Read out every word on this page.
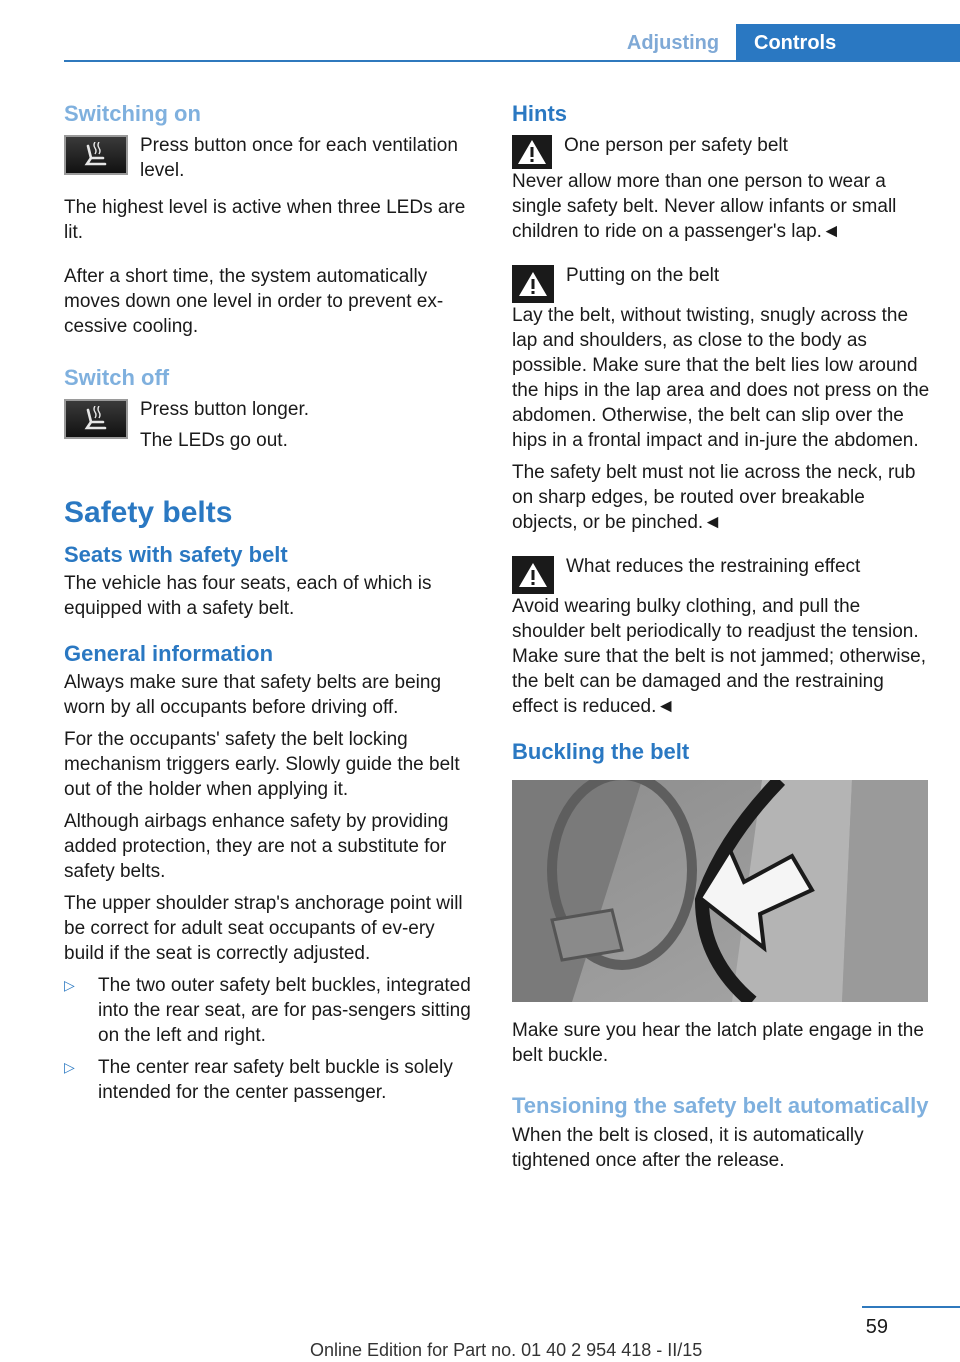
Adjusting	Controls
Switching on

Press button once for each ventilation level.

The highest level is active when three LEDs are lit.

After a short time, the system automatically moves down one level in order to prevent ex‐cessive cooling.

Switch off

Press button longer.

The LEDs go out.

Safety belts
Seats with safety belt

The vehicle has four seats, each of which is equipped with a safety belt.

General information

Always make sure that safety belts are being worn by all occupants before driving off.

For the occupants' safety the belt locking mechanism triggers early. Slowly guide the belt out of the holder when applying it.

Although airbags enhance safety by providing added protection, they are not a substitute for safety belts.

The upper shoulder strap's anchorage point will be correct for adult seat occupants of ev‐ery build if the seat is correctly adjusted.

▷	The two outer safety belt buckles, integrated into the rear seat, are for pas‐sengers sitting on the left and right.
▷	The center rear safety belt buckle is solely intended for the center passenger.
Hints

One person per safety belt

Never allow more than one person to wear a single safety belt. Never allow infants or small children to ride on a passenger's lap.◄

Putting on the belt

Lay the belt, without twisting, snugly across the lap and shoulders, as close to the body as possible. Make sure that the belt lies low around the hips in the lap area and does not press on the abdomen. Otherwise, the belt can slip over the hips in a frontal impact and in‐jure the abdomen.

The safety belt must not lie across the neck, rub on sharp edges, be routed over breakable objects, or be pinched.◄

What reduces the restraining effect

Avoid wearing bulky clothing, and pull the shoulder belt periodically to readjust the tension. Make sure that the belt is not jammed; otherwise, the belt can be damaged and the restraining effect is reduced.◄

Buckling the belt

Make sure you hear the latch plate engage in the belt buckle.

Tensioning the safety belt automatically

When the belt is closed, it is automatically tightened once after the release.

59
Online Edition for Part no. 01 40 2 954 418 - II/15
